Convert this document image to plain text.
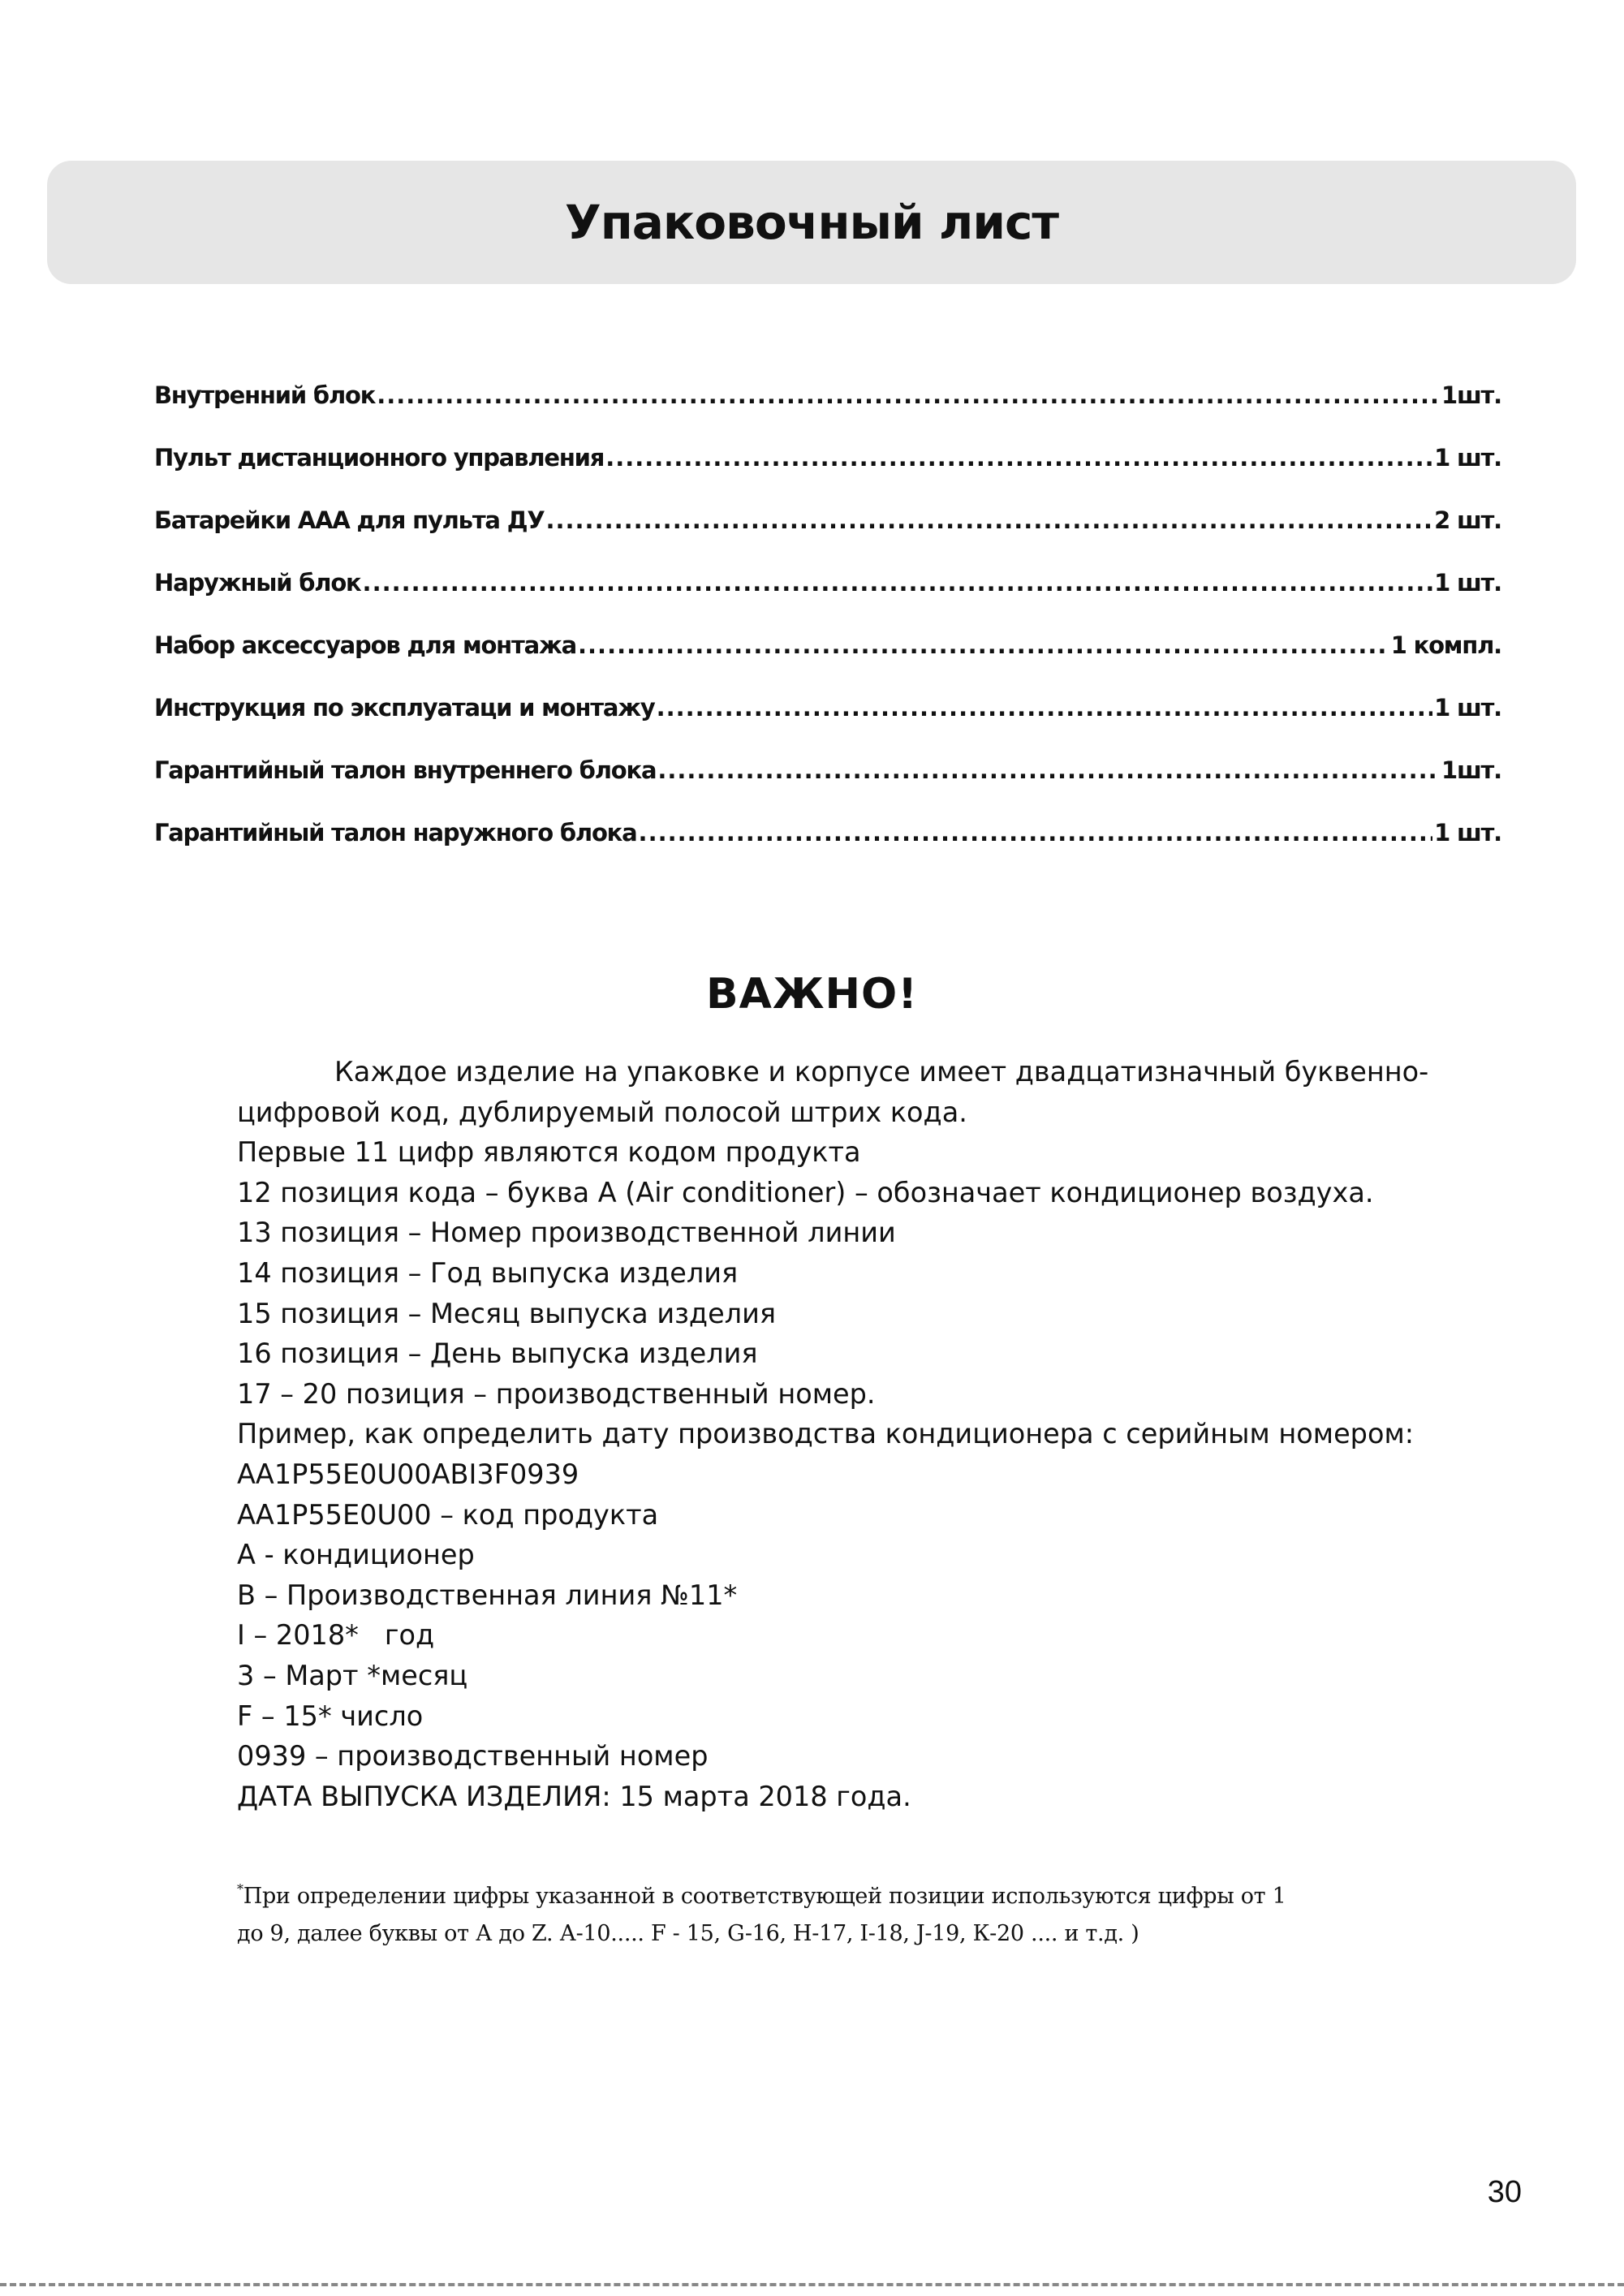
Упаковочный лист
Внутренний блок .....	1шт.
Пульт дистанционного управления .....	1 шт.
Батарейки ААА для пульта ДУ .....	2 шт.
Наружный блок .....	1 шт.
Набор аксессуаров для монтажа .....	1 компл.
Инструкция по эксплуатаци и монтажу .....	1 шт.
Гарантийный талон внутреннего блока .....	1шт.
Гарантийный талон наружного блока .....	1 шт.
ВАЖНО!
Каждое изделие на упаковке и корпусе имеет двадцатизначный буквенно-
цифровой код, дублируемый полосой штрих кода.
Первые 11 цифр являются кодом продукта
12 позиция кода – буква А (Air conditioner) – обозначает кондиционер воздуха.
13 позиция – Номер производственной линии
14 позиция – Год выпуска изделия
15 позиция – Месяц выпуска изделия
16 позиция – День выпуска изделия
17 – 20 позиция – производственный номер.
Пример, как определить дату производства кондиционера с серийным номером:
АА1Р55Е0U00ABI3F0939
АА1Р55Е0U00 – код продукта
А - кондиционер
В – Производственная линия №11*
I – 2018*   год
3 – Март *месяц
F – 15* число
0939 – производственный номер
ДАТА ВЫПУСКА ИЗДЕЛИЯ: 15 марта 2018 года.
*При определении цифры указанной в соответствующей позиции используются цифры от 1
до 9, далее буквы от А до Z. А-10..... F - 15, G-16, H-17, I-18, J-19, К-20 .... и т.д. )
30
